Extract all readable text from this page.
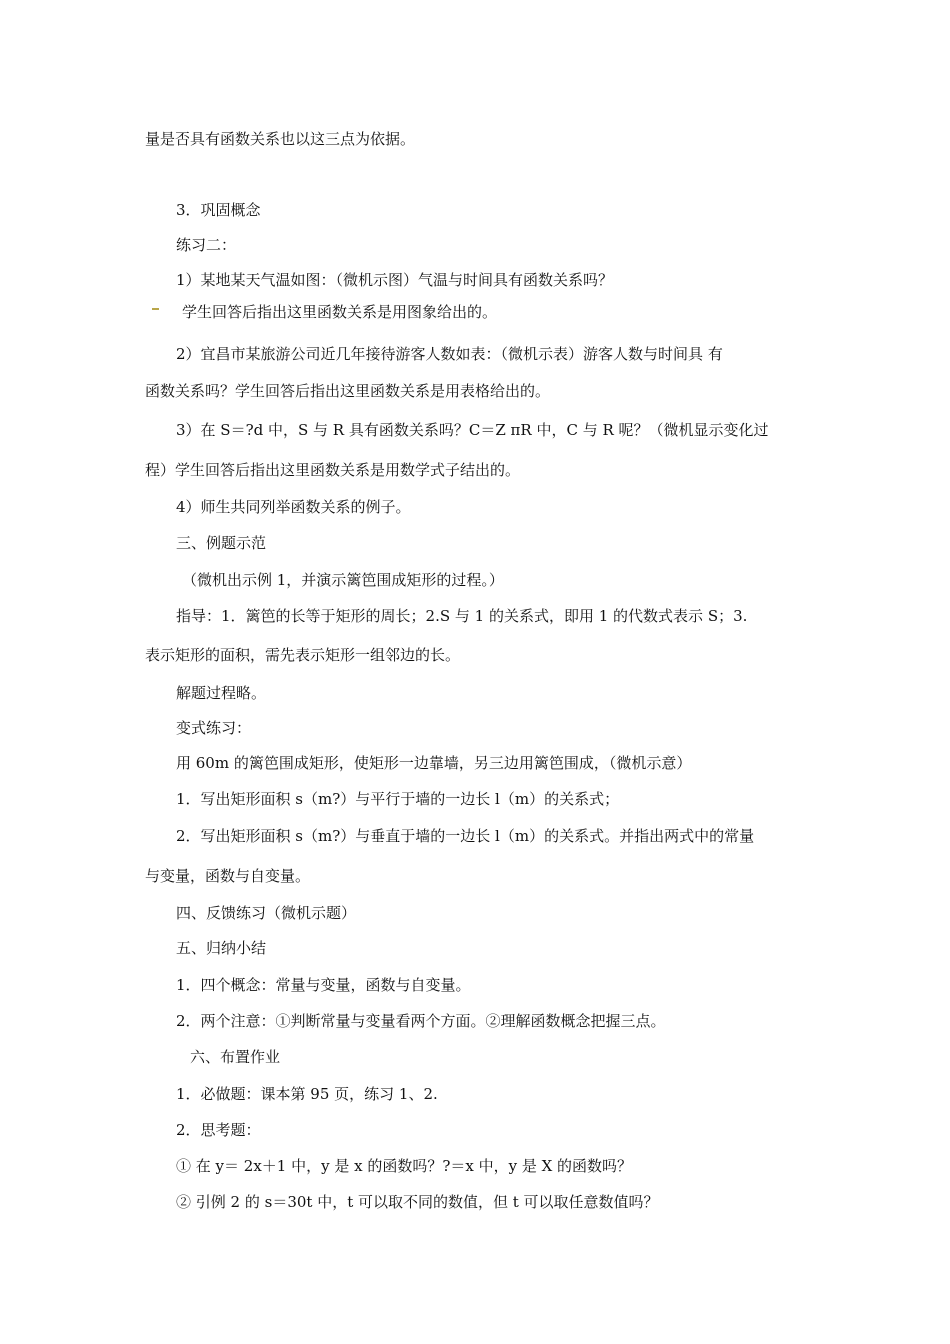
量是否具有函数关系也以这三点为依据。
3．巩固概念
练习二：
1）某地某天气温如图：（微机示图）气温与时间具有函数关系吗？
学生回答后指出这里函数关系是用图象给出的。
2）宜昌市某旅游公司近几年接待游客人数如表：（微机示表）游客人数与时间具 有
函数关系吗？学生回答后指出这里函数关系是用表格给出的。
3）在 S＝?d 中，S 与 R 具有函数关系吗？C＝Z πR 中，C 与 R 呢？（微机显示变化过
程）学生回答后指出这里函数关系是用数学式子结出的。
4）师生共同列举函数关系的例子。
三、例题示范
（微机出示例 1，并演示篱笆围成矩形的过程。）
指导：1．篱笆的长等于矩形的周长；2.S 与 1 的关系式，即用 1 的代数式表示 S；3.
表示矩形的面积，需先表示矩形一组邻边的长。
解题过程略。
变式练习：
用 60m 的篱笆围成矩形，使矩形一边靠墙，另三边用篱笆围成，（微机示意）
1．写出矩形面积 s（m?）与平行于墙的一边长 l（m）的关系式；
2．写出矩形面积 s（m?）与垂直于墙的一边长 l（m）的关系式。并指出两式中的常量
与变量，函数与自变量。
四、反馈练习（微机示题）
五、归纳小结
1．四个概念：常量与变量，函数与自变量。
2．两个注意：①判断常量与变量看两个方面。②理解函数概念把握三点。
六、布置作业
1．必做题：课本第 95 页，练习 1、2.
2．思考题：
① 在 y＝ 2x＋1 中，y 是 x 的函数吗？?＝x 中，y 是 X 的函数吗？
② 引例 2 的 s＝30t 中，t 可以取不同的数值，但 t 可以取任意数值吗？
